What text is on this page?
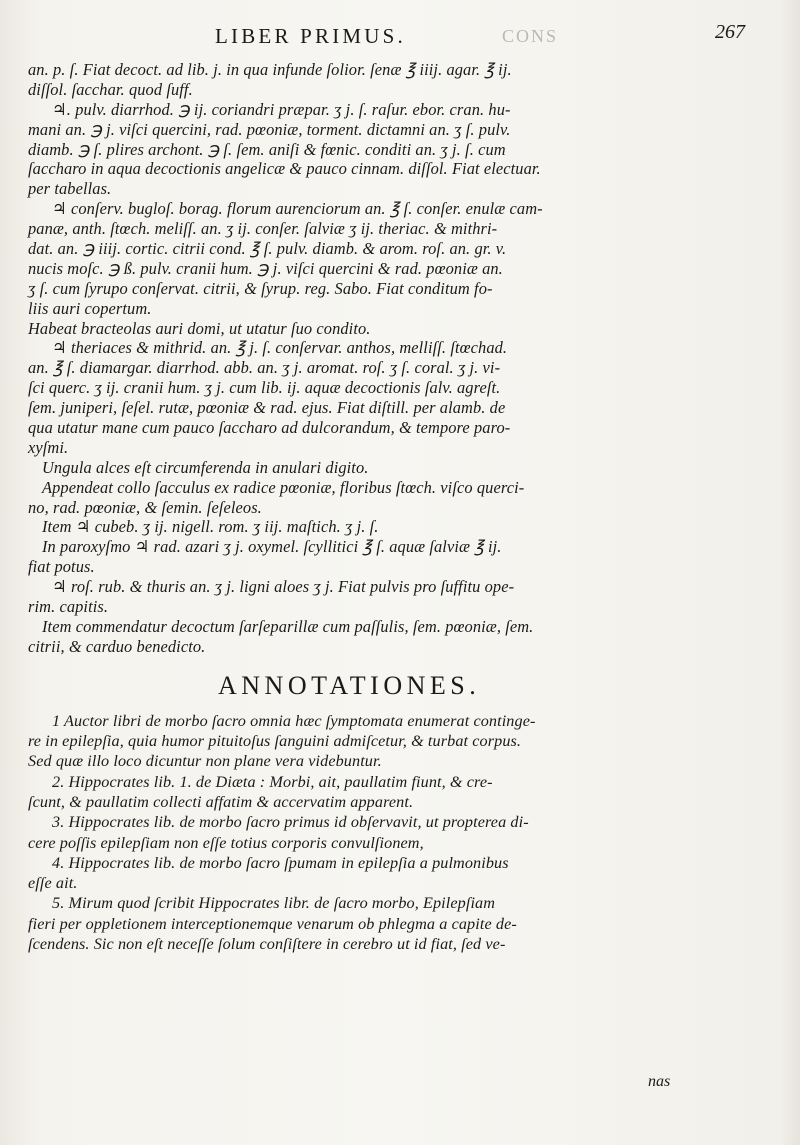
LIBER PRIMUS.	CONS	267
an. p. ſ. Fiat decoct. ad lib. j. in qua infunde ſolior. ſenæ ℥ iiij. agar. ℥ ij.
diſſol. ſacchar. quod ſuff.
♃. pulv. diarrhod. ℈ ij. coriandri præpar. ʒ j. ſ. raſur. ebor. cran. hu-
mani an. ℈ j. viſci quercini, rad. pœoniæ, torment. dictamni an. ʒ ſ. pulv.
diamb. ℈ ſ. plires archont. ℈ ſ. ſem. aniſi & fœnic. conditi an. ʒ j. ſ. cum
ſaccharo in aqua decoctionis angelicæ & pauco cinnam. diſſol. Fiat electuar.
per tabellas.
♃ conſerv. bugloſ. borag. florum aurenciorum an. ℥ ſ. conſer. enulæ cam-
panæ, anth. ſtœch. meliſſ. an. ʒ ij. conſer. ſalviæ ʒ ij. theriac. & mithri-
dat. an. ℈ iiij. cortic. citrii cond. ℥ ſ. pulv. diamb. & arom. roſ. an. gr. v.
nucis moſc. ℈ ß. pulv. cranii hum. ℈ j. viſci quercini & rad. pœoniæ an.
ʒ ſ. cum ſyrupo conſervat. citrii, & ſyrup. reg. Sabo. Fiat conditum fo-
liis auri copertum.
Habeat bracteolas auri domi, ut utatur ſuo condito.
♃ theriaces & mithrid. an. ℥ j. ſ. conſervar. anthos, melliſſ. ſtœchad.
an. ℥ ſ. diamargar. diarrhod. abb. an. ʒ j. aromat. roſ. ʒ ſ. coral. ʒ j. vi-
ſci querc. ʒ ij. cranii hum. ʒ j. cum lib. ij. aquæ decoctionis ſalv. agreſt.
ſem. juniperi, ſeſel. rutæ, pœoniæ & rad. ejus. Fiat diſtill. per alamb. de
qua utatur mane cum pauco ſaccharo ad dulcorandum, & tempore paro-
xyſmi.
Ungula alces eſt circumferenda in anulari digito.
Appendeat collo ſacculus ex radice pœoniæ, floribus ſtœch. viſco querci-
no, rad. pœoniæ, & ſemin. ſeſeleos.
Item ♃ cubeb. ʒ ij. nigell. rom. ʒ iij. maſtich. ʒ j. ſ.
In paroxyſmo ♃ rad. azari ʒ j. oxymel. ſcyllitici ℥ ſ. aquæ ſalviæ ℥ ij.
fiat potus.
♃ roſ. rub. & thuris an. ʒ j. ligni aloes ʒ j. Fiat pulvis pro ſuffitu ope-
rim. capitis.
Item commendatur decoctum ſarſeparillæ cum paſſulis, ſem. pœoniæ, ſem.
citrii, & carduo benedicto.
ANNOTATIONES.
1 Auctor libri de morbo ſacro omnia hæc ſymptomata enumerat continge-
re in epilepſia, quia humor pituitoſus ſanguini admiſcetur, & turbat corpus.
Sed quæ illo loco dicuntur non plane vera videbuntur.
2. Hippocrates lib. 1. de Diæta : Morbi, ait, paullatim fiunt, & cre-
ſcunt, & paullatim collecti affatim & accervatim apparent.
3. Hippocrates lib. de morbo ſacro primus id obſervavit, ut propterea di-
cere poſſis epilepſiam non eſſe totius corporis convulſionem,
4. Hippocrates lib. de morbo ſacro ſpumam in epilepſia a pulmonibus
eſſe ait.
5. Mirum quod ſcribit Hippocrates libr. de ſacro morbo, Epilepſiam
fieri per oppletionem interceptionemque venarum ob phlegma a capite de-
ſcendens. Sic non eſt neceſſe ſolum conſiſtere in cerebro ut id fiat, ſed ve-
nas
